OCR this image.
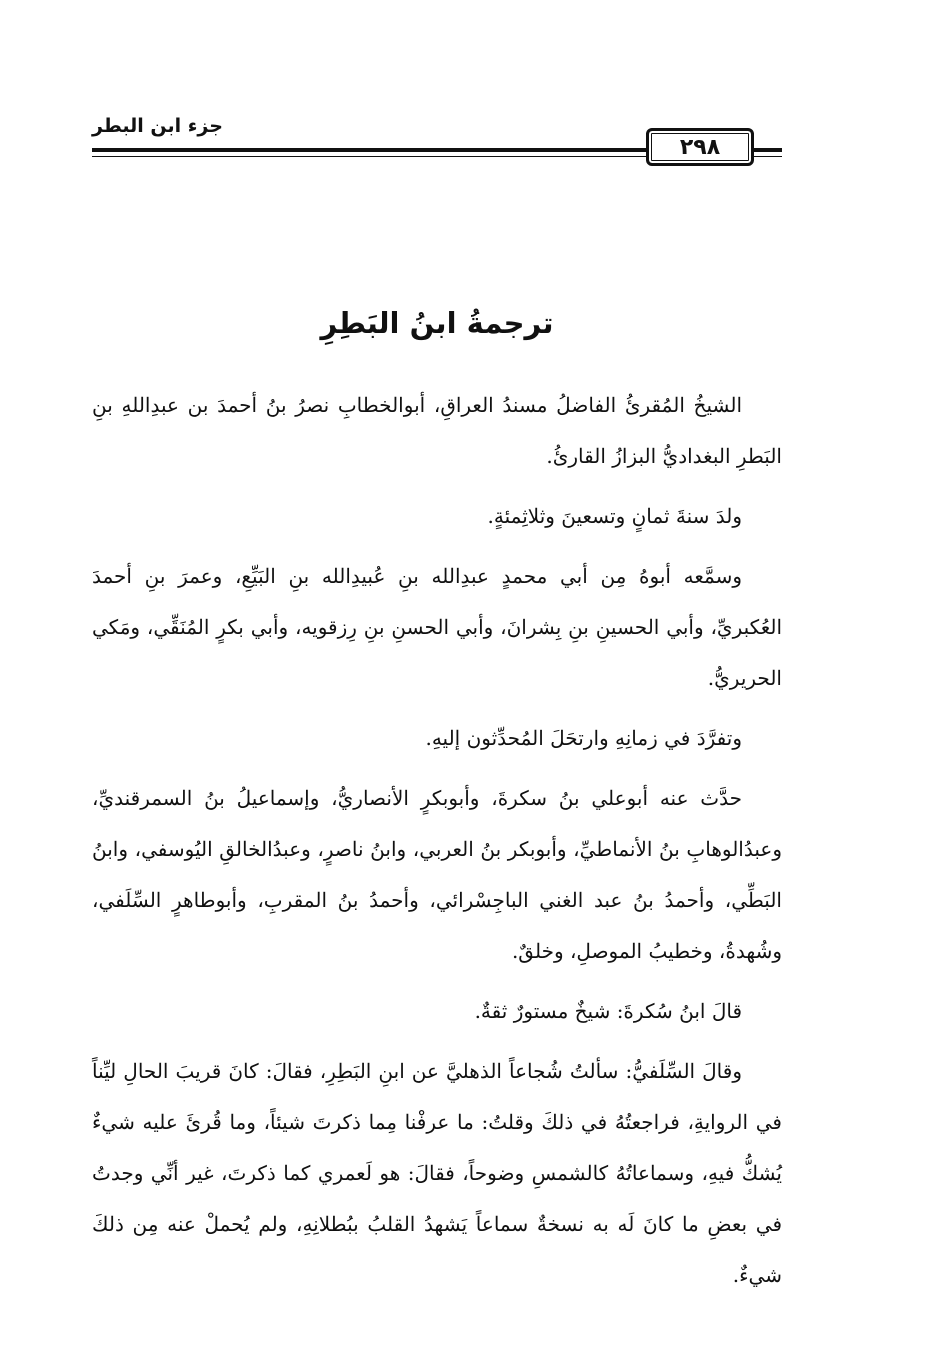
جزء ابن البطر
٢٩٨
ترجمةُ ابنُ البَطِرِ

الشيخُ المُقرئُ الفاضلُ مسندُ العراقِ، أبوالخطابِ نصرُ بنُ أحمدَ بن عبدِاللهِ بنِ البَطرِ البغداديُّ البزازُ القارئُ.

ولدَ سنةَ ثمانٍ وتسعينَ وثلاثِمئةٍ.

وسمَّعه أبوهُ مِن أبي محمدٍ عبدِالله بنِ عُبيدِالله بنِ البَيِّعِ، وعمرَ بنِ أحمدَ العُكبريِّ، وأبي الحسينِ بنِ بِشرانَ، وأبي الحسنِ بنِ رِزقويه، وأبي بكرٍ المُنَقِّي، ومَكي الحريريُّ.

وتفرَّدَ في زمانِهِ وارتحَلَ المُحدِّثون إليهِ.

حدَّث عنه أبوعلي بنُ سكرةَ، وأبوبكرٍ الأنصاريُّ، وإسماعيلُ بنُ السمرقنديِّ، وعبدُالوهابِ بنُ الأنماطيِّ، وأبوبكر بنُ العربي، وابنُ ناصرٍ، وعبدُالخالقِ اليُوسفي، وابنُ البَطِّي، وأحمدُ بنُ عبد الغني الباجِسْرائي، وأحمدُ بنُ المقربِ، وأبوطاهرٍ السِّلَفي، وشُهدةُ، وخطيبُ الموصلِ، وخلقٌ.

قالَ ابنُ سُكرةَ: شيخٌ مستورٌ ثقةٌ.

وقالَ السِّلَفيُّ: سألتُ شُجاعاً الذهليَّ عن ابنِ البَطِرِ، فقالَ: كانَ قريبَ الحالِ ليِّناً في الروايةِ، فراجعتُهُ في ذلكَ وقلتُ: ما عرفْنا مِما ذكرتَ شيئاً، وما قُرئَ عليه شيءٌ يُشكُّ فيهِ، وسماعاتُهُ كالشمسِ وضوحاً، فقالَ: هو لَعمري كما ذكرتَ، غير أنِّي وجدتُ في بعضِ ما كانَ لَه به نسخةٌ سماعاً يَشهدُ القلبُ ببُطلانِهِ، ولم يُحملْ عنه مِن ذلكَ شيءٌ.
